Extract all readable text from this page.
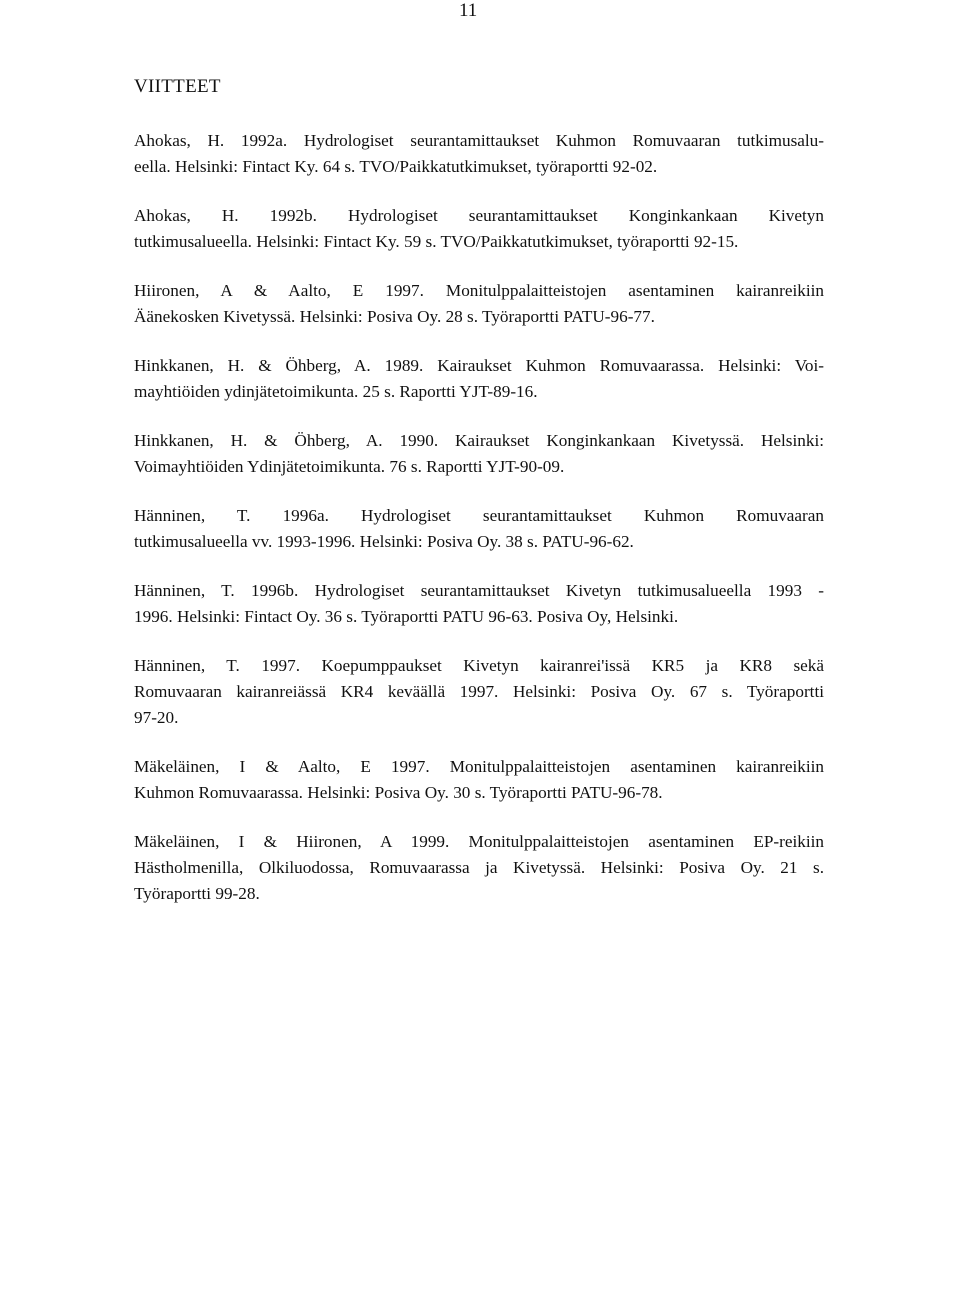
11
VIITTEET
Ahokas, H. 1992a. Hydrologiset seurantamittaukset Kuhmon Romuvaaran tutkimusalu-
eella. Helsinki: Fintact Ky. 64 s. TVO/Paikkatutkimukset, työraportti 92-02.
Ahokas, H. 1992b. Hydrologiset seurantamittaukset Konginkankaan Kivetyn
tutkimusalueella. Helsinki: Fintact Ky. 59 s. TVO/Paikkatutkimukset, työraportti 92-15.
Hiironen, A & Aalto, E 1997. Monitulppalaitteistojen asentaminen kairanreikiin
Äänekosken Kivetyssä. Helsinki: Posiva Oy. 28 s. Työraportti PATU-96-77.
Hinkkanen, H. & Öhberg, A. 1989. Kairaukset Kuhmon Romuvaarassa. Helsinki: Voi-
mayhtiöiden ydinjätetoimikunta. 25 s. Raportti YJT-89-16.
Hinkkanen, H. & Öhberg, A. 1990. Kairaukset Konginkankaan Kivetyssä. Helsinki:
Voimayhtiöiden Ydinjätetoimikunta. 76 s. Raportti YJT-90-09.
Hänninen, T. 1996a. Hydrologiset seurantamittaukset Kuhmon Romuvaaran
tutkimusalueella vv. 1993-1996. Helsinki: Posiva Oy. 38 s. PATU-96-62.
Hänninen, T. 1996b. Hydrologiset seurantamittaukset Kivetyn tutkimusalueella 1993 -
1996. Helsinki: Fintact Oy. 36 s. Työraportti PATU 96-63. Posiva Oy, Helsinki.
Hänninen, T. 1997. Koepumppaukset Kivetyn kairanrei'issä KR5 ja KR8 sekä
Romuvaaran kairanreiässä KR4 keväällä 1997. Helsinki: Posiva Oy. 67 s. Työraportti
97-20.
Mäkeläinen, I & Aalto, E 1997. Monitulppalaitteistojen asentaminen kairanreikiin
Kuhmon Romuvaarassa. Helsinki: Posiva Oy. 30 s. Työraportti PATU-96-78.
Mäkeläinen, I & Hiironen, A 1999. Monitulppalaitteistojen asentaminen EP-reikiin
Hästholmenilla, Olkiluodossa, Romuvaarassa ja Kivetyssä. Helsinki: Posiva Oy. 21 s.
Työraportti 99-28.
